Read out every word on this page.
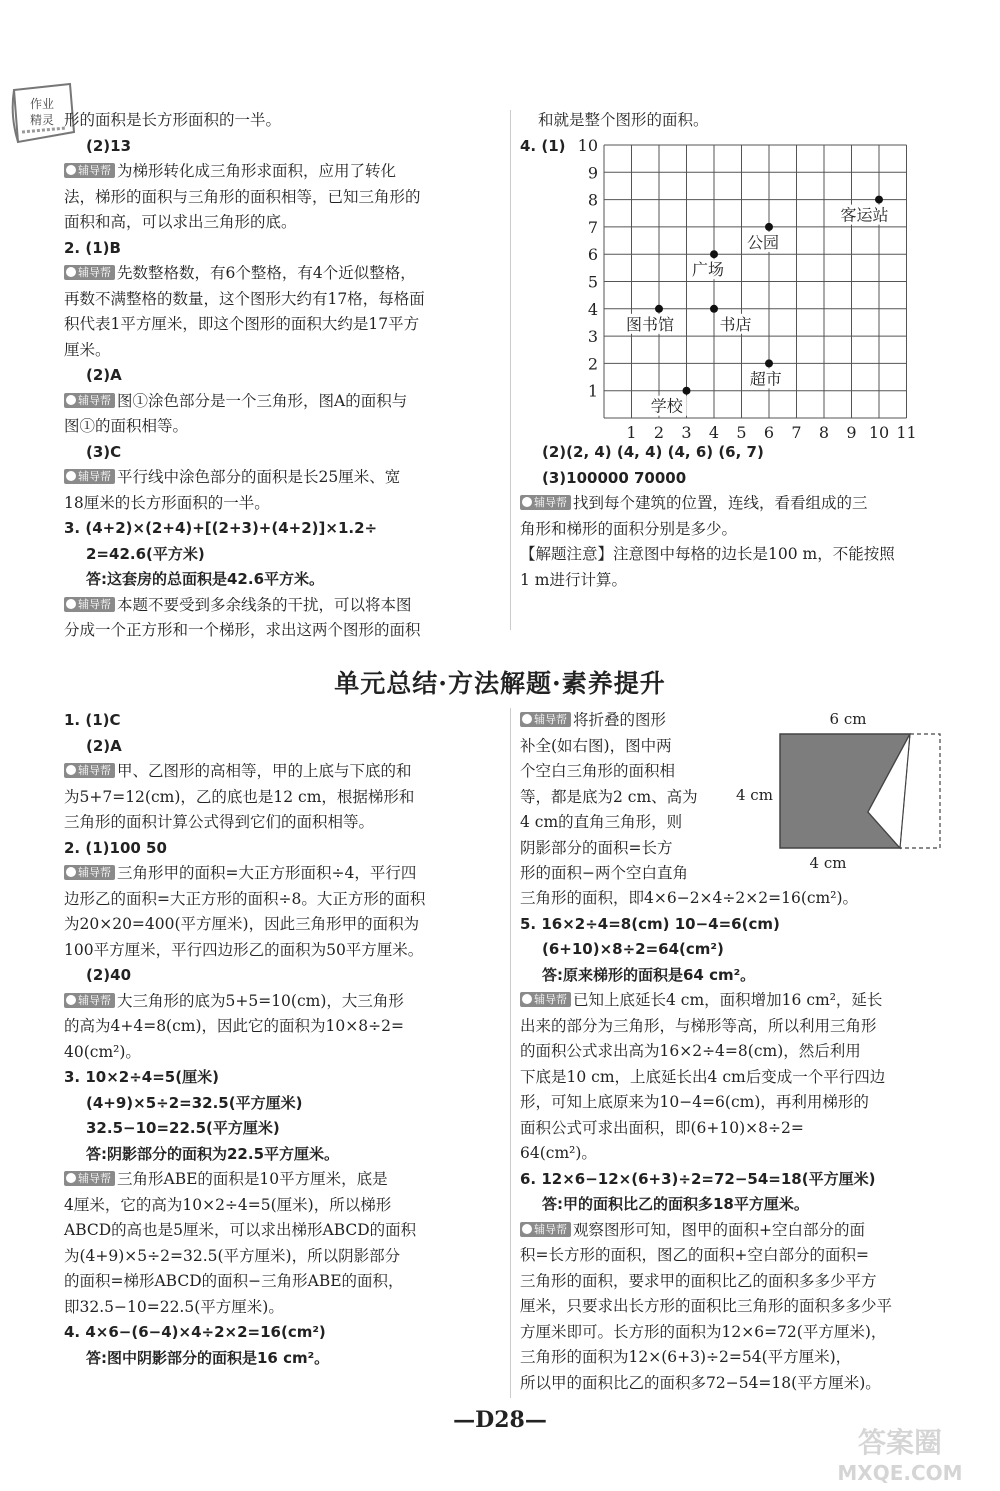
作业
精灵 形的面积是长方形面积的一半。
(2)13
辅导帮 为梯形转化成三角形求面积，应用了转化
法，梯形的面积与三角形的面积相等，已知三角形的
面积和高，可以求出三角形的底。
2. (1)B
辅导帮 先数整格数，有6个整格，有4个近似整格，
再数不满整格的数量，这个图形大约有17格，每格面
积代表1平方厘米，即这个图形的面积大约是17平方
厘米。
(2)A
辅导帮 图①涂色部分是一个三角形，图A的面积与
图①的面积相等。
(3)C
辅导帮 平行线中涂色部分的面积是长25厘米、宽
18厘米的长方形面积的一半。
3. (4+2)×(2+4)+[(2+3)+(4+2)]×1.2÷
2=42.6(平方米)
答:这套房的总面积是42.6平方米。
辅导帮 本题不要受到多余线条的干扰，可以将本图
分成一个正方形和一个梯形，求出这两个图形的面积
和就是整个图形的面积。
4. (1)
1 2 3 4 5 6 7 8 9 10 11
1
2
3
4
5
6
7
8
9
10
客运站
公园
广场
图书馆	书店
超市
学校
(2)(2, 4) (4, 4) (4, 6) (6, 7)
(3)100000 70000
辅导帮 找到每个建筑的位置，连线，看看组成的三
角形和梯形的面积分别是多少。
【解题注意】注意图中每格的边长是100 m，不能按照
1 m进行计算。
单元总结·方法解题·素养提升
1. (1)C
(2)A
辅导帮 甲、乙图形的高相等，甲的上底与下底的和
为5+7=12(cm)，乙的底也是12 cm，根据梯形和
三角形的面积计算公式得到它们的面积相等。
2. (1)100 50
辅导帮 三角形甲的面积=大正方形面积÷4，平行四
边形乙的面积=大正方形的面积÷8。大正方形的面积
为20×20=400(平方厘米)，因此三角形甲的面积为
100平方厘米，平行四边形乙的面积为50平方厘米。
(2)40
辅导帮 大三角形的底为5+5=10(cm)，大三角形
的高为4+4=8(cm)，因此它的面积为10×8÷2=
40(cm²)。
3. 10×2÷4=5(厘米)
(4+9)×5÷2=32.5(平方厘米)
32.5−10=22.5(平方厘米)
答:阴影部分的面积为22.5平方厘米。
辅导帮 三角形ABE的面积是10平方厘米，底是
4厘米，它的高为10×2÷4=5(厘米)，所以梯形
ABCD的高也是5厘米，可以求出梯形ABCD的面积
为(4+9)×5÷2=32.5(平方厘米)，所以阴影部分
的面积=梯形ABCD的面积−三角形ABE的面积，
即32.5−10=22.5(平方厘米)。
4. 4×6−(6−4)×4÷2×2=16(cm²)
答:图中阴影部分的面积是16 cm²。
辅导帮 将折叠的图形
补全(如右图)，图中两
个空白三角形的面积相
等，都是底为2 cm、高为
4 cm的直角三角形，则
阴影部分的面积=长方
形的面积−两个空白直角
6 cm
4 cm
4 cm
三角形的面积，即4×6−2×4÷2×2=16(cm²)。
5. 16×2÷4=8(cm) 10−4=6(cm)
(6+10)×8÷2=64(cm²)
答:原来梯形的面积是64 cm²。
辅导帮 已知上底延长4 cm，面积增加16 cm²，延长
出来的部分为三角形，与梯形等高，所以利用三角形
的面积公式求出高为16×2÷4=8(cm)，然后利用
下底是10 cm，上底延长出4 cm后变成一个平行四边
形，可知上底原来为10−4=6(cm)，再利用梯形的
面积公式可求出面积，即(6+10)×8÷2=
64(cm²)。
6. 12×6−12×(6+3)÷2=72−54=18(平方厘米)
答:甲的面积比乙的面积多18平方厘米。
辅导帮 观察图形可知，图甲的面积+空白部分的面
积=长方形的面积，图乙的面积+空白部分的面积=
三角形的面积，要求甲的面积比乙的面积多多少平方
厘米，只要求出长方形的面积比三角形的面积多多少平
方厘米即可。长方形的面积为12×6=72(平方厘米)，
三角形的面积为12×(6+3)÷2=54(平方厘米)，
所以甲的面积比乙的面积多72−54=18(平方厘米)。
—D28—
答案圈
MXQE.COM
